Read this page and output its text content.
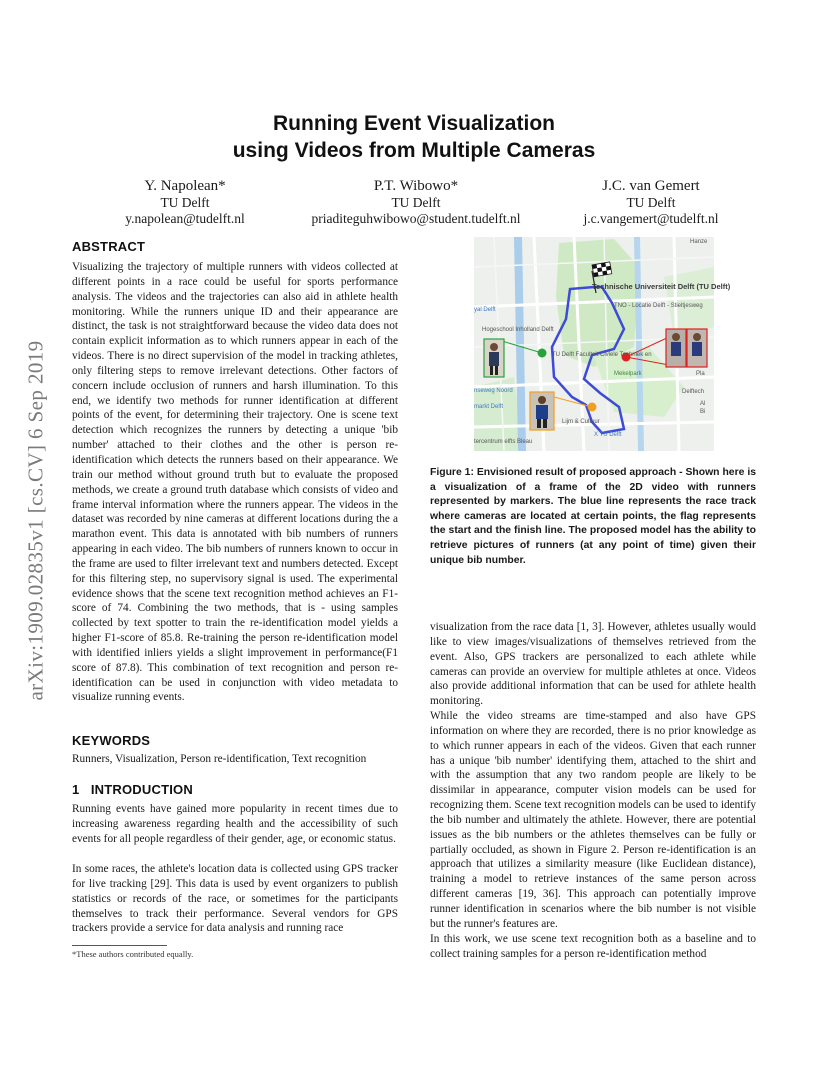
arXiv:1909.02835v1 [cs.CV] 6 Sep 2019
Running Event Visualization
using Videos from Multiple Cameras
Y. Napolean*
TU Delft
y.napolean@tudelft.nl
P.T. Wibowo*
TU Delft
priaditeguhwibowo@student.tudelft.nl
J.C. van Gemert
TU Delft
j.c.vangemert@tudelft.nl
ABSTRACT
Visualizing the trajectory of multiple runners with videos collected at different points in a race could be useful for sports performance analysis. The videos and the trajectories can also aid in athlete health monitoring. While the runners unique ID and their appearance are distinct, the task is not straightforward because the video data does not contain explicit information as to which runners appear in each of the videos. There is no direct supervision of the model in tracking athletes, only filtering steps to remove irrelevant detections. Other factors of concern include occlusion of runners and harsh illumination. To this end, we identify two methods for runner identification at different points of the event, for determining their trajectory. One is scene text detection which recognizes the runners by detecting a unique 'bib number' attached to their clothes and the other is person re-identification which detects the runners based on their appearance. We train our method without ground truth but to evaluate the proposed methods, we create a ground truth database which consists of video and frame interval information where the runners appear. The videos in the dataset was recorded by nine cameras at different locations during the a marathon event. This data is annotated with bib numbers of runners appearing in each video. The bib numbers of runners known to occur in the frame are used to filter irrelevant text and numbers detected. Except for this filtering step, no supervisory signal is used. The experimental evidence shows that the scene text recognition method achieves an F1-score of 74. Combining the two methods, that is - using samples collected by text spotter to train the re-identification model yields a higher F1-score of 85.8. Re-training the person re-identification model with identified inliers yields a slight improvement in performance(F1 score of 87.8). This combination of text recognition and person re-identification can be used in conjunction with video metadata to visualize running events.
KEYWORDS
Runners, Visualization, Person re-identification, Text recognition
1   INTRODUCTION
Running events have gained more popularity in recent times due to increasing awareness regarding health and the accessibility of such events for all people regardless of their gender, age, or economic status.
In some races, the athlete's location data is collected using GPS tracker for live tracking [29]. This data is used by event organizers to publish statistics or records of the race, or sometimes for the participants themselves to track their performance. Several vendors for GPS trackers provide a service for data analysis and running race
*These authors contributed equally.
Technische Universiteit Delft (TU Delft)
Hanze
yal Delft
Hogeschool Inholland Delft
TNO - Locatie Delft - Stieltjesweg
TU Delft Faculteit Civiele Techniek en
Mekelpark
nseweg Noord
markt Delft
Lijm & Cultuur
X TU Delft
tercentrum elfts Bleau
Delftech
Pla
Al
Bi
Figure 1: Envisioned result of proposed approach - Shown here is a visualization of a frame of the 2D video with runners represented by markers. The blue line represents the race track where cameras are located at certain points, the flag represents the start and the finish line. The proposed model has the ability to retrieve pictures of runners (at any point of time) given their unique bib number.
visualization from the race data [1, 3]. However, athletes usually would like to view images/visualizations of themselves retrieved from the event. Also, GPS trackers are personalized to each athlete while cameras can provide an overview for multiple athletes at once. Videos also provide additional information that can be used for athlete health monitoring.
While the video streams are time-stamped and also have GPS information on where they are recorded, there is no prior knowledge as to which runner appears in each of the videos. Given that each runner has a unique 'bib number' identifying them, attached to the shirt and with the assumption that any two random people are likely to be dissimilar in appearance, computer vision models can be used for recognizing them. Scene text recognition models can be used to identify the bib number and ultimately the athlete. However, there are potential issues as the bib numbers or the athletes themselves can be fully or partially occluded, as shown in Figure 2. Person re-identification is an approach that utilizes a similarity measure (like Euclidean distance), training a model to retrieve instances of the same person across different cameras [19, 36]. This approach can potentially improve runner identification in scenarios where the bib number is not visible but the runner's features are.
In this work, we use scene text recognition both as a baseline and to collect training samples for a person re-identification method
